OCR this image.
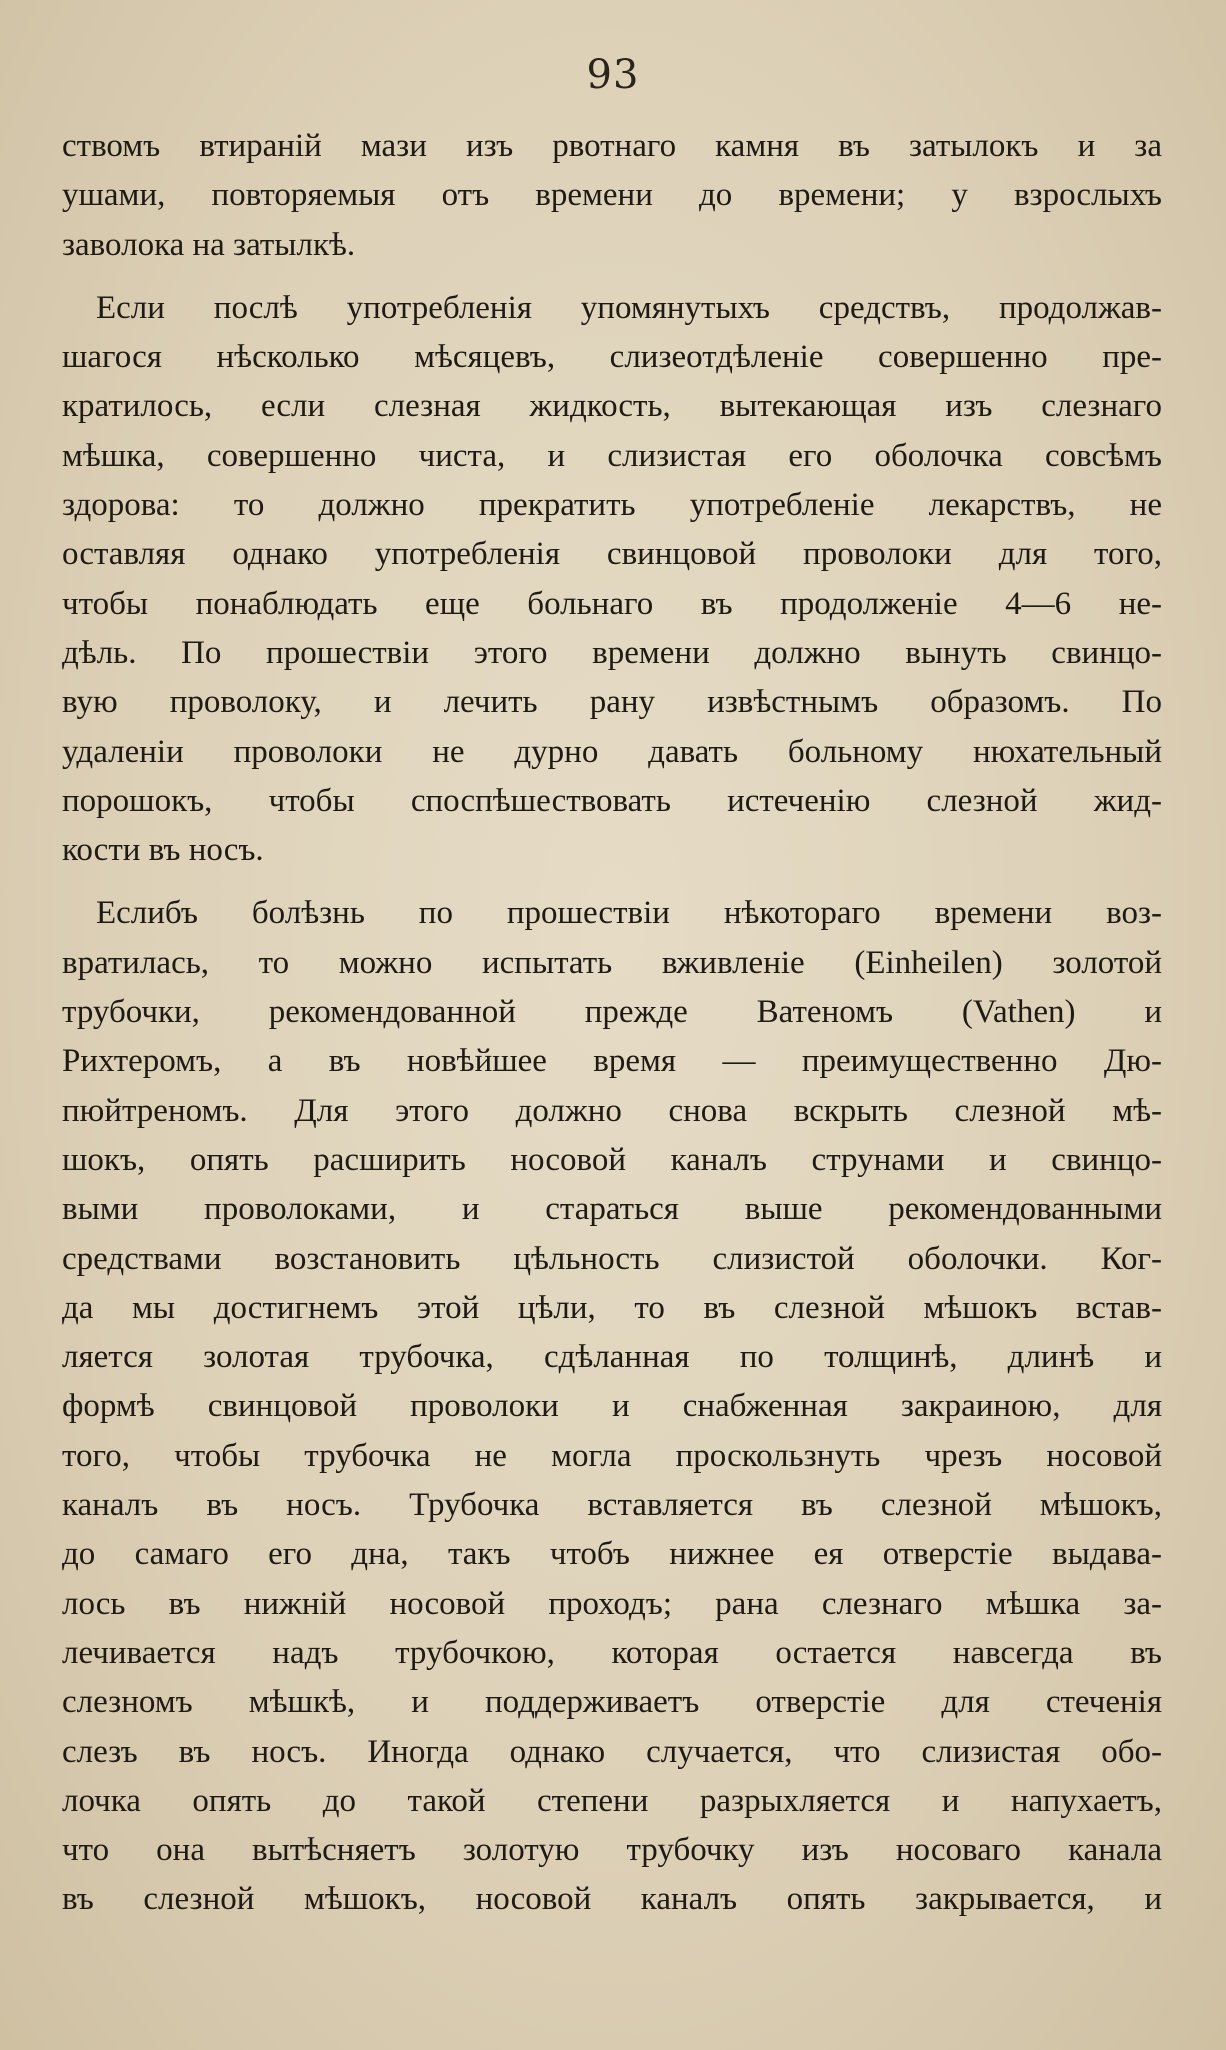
93
ствомъ втиранiй мази изъ рвотнаго камня въ затылокъ и за
ушами, повторяемыя отъ времени до времени; у взрослыхъ
заволока на затылкѣ.
Если послѣ употребленiя упомянутыхъ средствъ, продолжав-
шагося нѣсколько мѣсяцевъ, слизеотдѣленie совершенно пре-
кратилось, если слезная жидкость, вытекающая изъ слезнаго
мѣшка, совершенно чиста, и слизистая его оболочка совсѣмъ
здорова: то должно прекратить употребленie лекарствъ, не
оставляя однако употребленiя свинцовой проволоки для того,
чтобы понаблюдать еще больнаго въ продолженie 4—6 не-
дѣль. По прошествiи этого времени должно вынуть свинцо-
вую проволоку, и лечить рану извѣстнымъ образомъ. По
удаленiи проволоки не дурно давать больному нюхательный
порошокъ, чтобы споспѣшествовать истеченiю слезной жид-
кости въ носъ.
Еслибъ болѣзнь по прошествiи нѣкотораго времени воз-
вратилась, то можно испытать вживленie (Einheilen) золотой
трубочки, рекомендованной прежде Ватеномъ (Vathen) и
Рихтеромъ, а въ новѣйшее время — преимущественно Дю-
пюйтреномъ. Для этого должно снова вскрыть слезной мѣ-
шокъ, опять расширить носовой каналъ струнами и свинцо-
выми проволоками, и стараться выше рекомендованными
средствами возстановить цѣльность слизистой оболочки. Ког-
да мы достигнемъ этой цѣли, то въ слезной мѣшокъ встав-
ляется золотая трубочка, сдѣланная по толщинѣ, длинѣ и
формѣ свинцовой проволоки и снабженная закраиною, для
того, чтобы трубочка не могла проскользнуть чрезъ носовой
каналъ въ носъ. Трубочка вставляется въ слезной мѣшокъ,
до самаго его дна, такъ чтобъ нижнее ея отверстie выдава-
лось въ нижнiй носовой проходъ; рана слезнаго мѣшка за-
лечивается надъ трубочкою, которая остается навсегда въ
слезномъ мѣшкѣ, и поддерживаетъ отверстie для стеченiя
слезъ въ носъ. Иногда однако случается, что слизистая обо-
лочка опять до такой степени разрыхляется и напухаетъ,
что она вытѣсняетъ золотую трубочку изъ носоваго канала
въ слезной мѣшокъ, носовой каналъ опять закрывается, и
